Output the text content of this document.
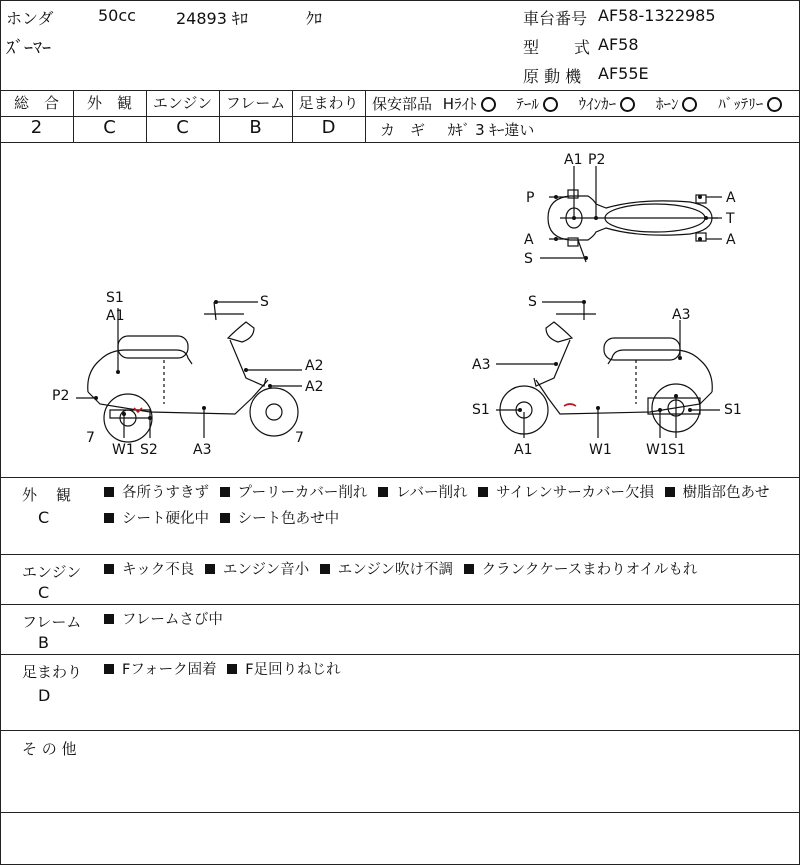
ホンダ	50cc	24893 ｷﾛ	ｸﾛ
ｽﾞｰﾏｰ
車台番号 AF58-1322985
型　　式 AF58
原 動 機 AF55E
総　合	外　観	エンジン フレーム 足まわり
2	C	C	B	D
保安部品 Hﾗｲﾄ	ﾃｰﾙ	ｳｲﾝｶｰ	ﾎｰﾝ	ﾊﾞｯﾃﾘｰ
カ　ギ ｶｷﾞ 3 ｷｰ違い
A1 P2
P
A
S
A
T
A
S1
A1
S
A2
A2
P2
7
W1 S2	A3
7
S
A3
A3
S1
A1	W1 W1 S1
S1
外　観
C
各所うすきず プーリーカバー削れ レバー削れ サイレンサーカバー欠損 樹脂部色あせ シート硬化中 シート色あせ中
エンジン
C
キック不良 エンジン音小 エンジン吹け不調 クランクケースまわりオイルもれ
フレーム
B
フレームさび中
足まわり
D
Fフォーク固着 F足回りねじれ
そ の 他
